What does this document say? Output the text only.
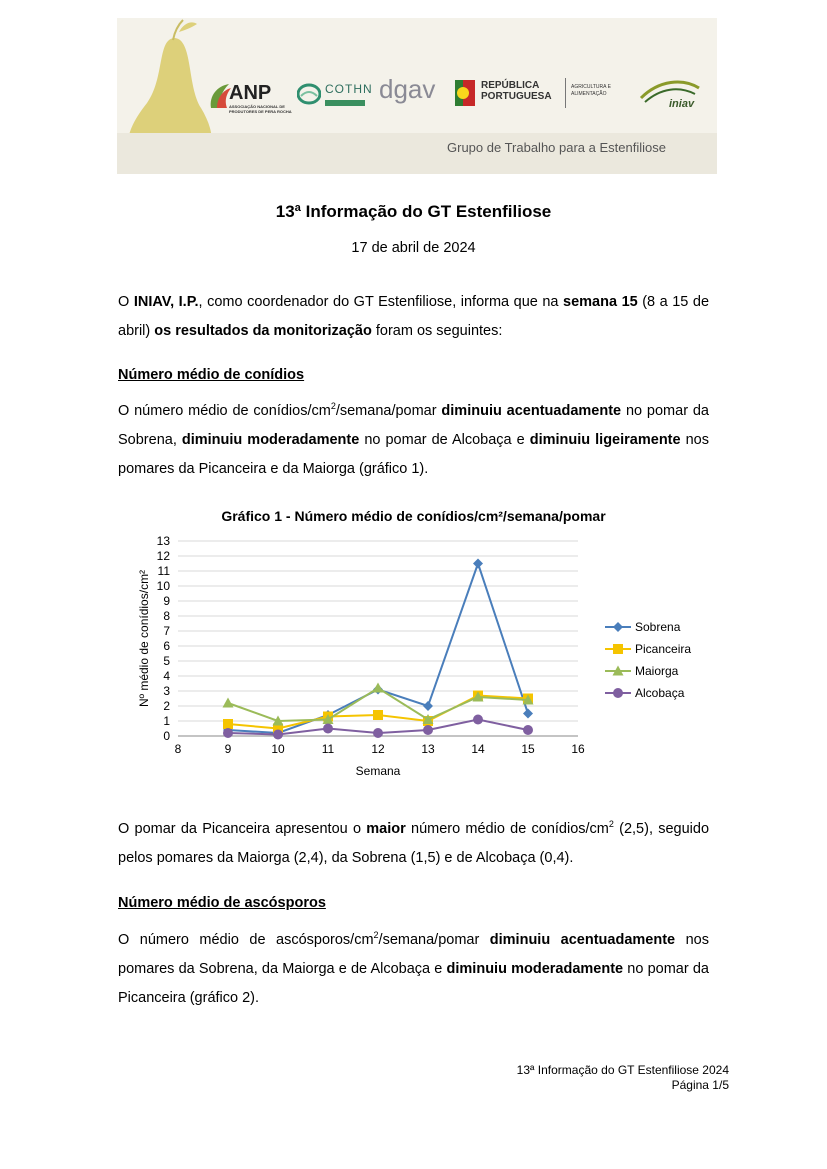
ANP
ASSOCIAÇÃO NACIONAL DE PRODUTORES DE PERA ROCHA
COTHN dgav	REPÚBLICA PORTUGUESA
AGRICULTURA E ALIMENTAÇÃO
iniav
Grupo de Trabalho para a Estenfiliose
13ª Informação do GT Estenfiliose
17 de abril de 2024
O INIAV, I.P., como coordenador do GT Estenfiliose, informa que na semana 15 (8 a 15 de abril) os resultados da monitorização foram os seguintes:
Número médio de conídios
O número médio de conídios/$cm^2/semana$/pomar diminuiu acentuadamente no pomar da Sobrena, diminuiu moderadamente no pomar de Alcobaça e diminuiu ligeiramente nos pomares da Picanceira e da Maiorga (gráfico 1).
Gráfico 1 - Número médio de conídios/cm²/semana/pomar
0
1
2
3
4
5
6
7
8
9
10
11
12
13
8	9	10	11	12	13	14	15	16
Semana
Nº médio de conídios/cm²	Sobrena
Picanceira
Maiorga
Alcobaça
O pomar da Picanceira apresentou o maior número médio de conídios/$cm^2$ (2,5), seguido pelos pomares da Maiorga (2,4), da Sobrena (1,5) e de Alcobaça (0,4).
Número médio de ascósporos
O número médio de ascósporos/$cm^2/semana$/pomar diminuiu acentuadamente nos pomares da Sobrena, da Maiorga e de Alcobaça e diminuiu moderadamente no pomar da Picanceira (gráfico 2).
13ª Informação do GT Estenfiliose 2024
Página 1/5
